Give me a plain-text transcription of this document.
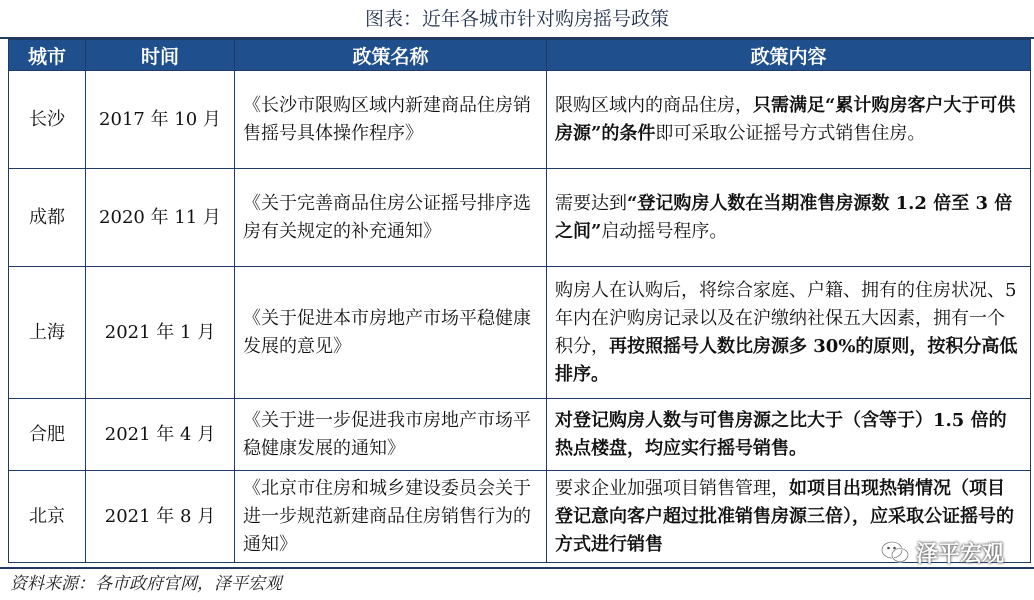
图表：近年各城市针对购房摇号政策
城市	时间	政策名称	政策内容
长沙	2017 年 10 月	《长沙市限购区域内新建商品住房销售摇号具体操作程序》	限购区域内的商品住房，只需满足“累计购房客户大于可供房源”的条件即可采取公证摇号方式销售住房。
成都	2020 年 11 月	《关于完善商品住房公证摇号排序选房有关规定的补充通知》	需要达到“登记购房人数在当期准售房源数 1.2 倍至 3 倍之间”启动摇号程序。
上海	2021 年 1 月	《关于促进本市房地产市场平稳健康发展的意见》	购房人在认购后，将综合家庭、户籍、拥有的住房状况、5 年内在沪购房记录以及在沪缴纳社保五大因素，拥有一个积分，再按照摇号人数比房源多 30%的原则，按积分高低排序。
合肥	2021 年 4 月	《关于进一步促进我市房地产市场平稳健康发展的通知》	对登记购房人数与可售房源之比大于（含等于）1.5 倍的热点楼盘，均应实行摇号销售。
北京	2021 年 8 月	《北京市住房和城乡建设委员会关于进一步规范新建商品住房销售行为的通知》	要求企业加强项目销售管理，如项目出现热销情况（项目登记意向客户超过批准销售房源三倍），应采取公证摇号的方式进行销售
资料来源：各市政府官网，泽平宏观
泽平宏观
